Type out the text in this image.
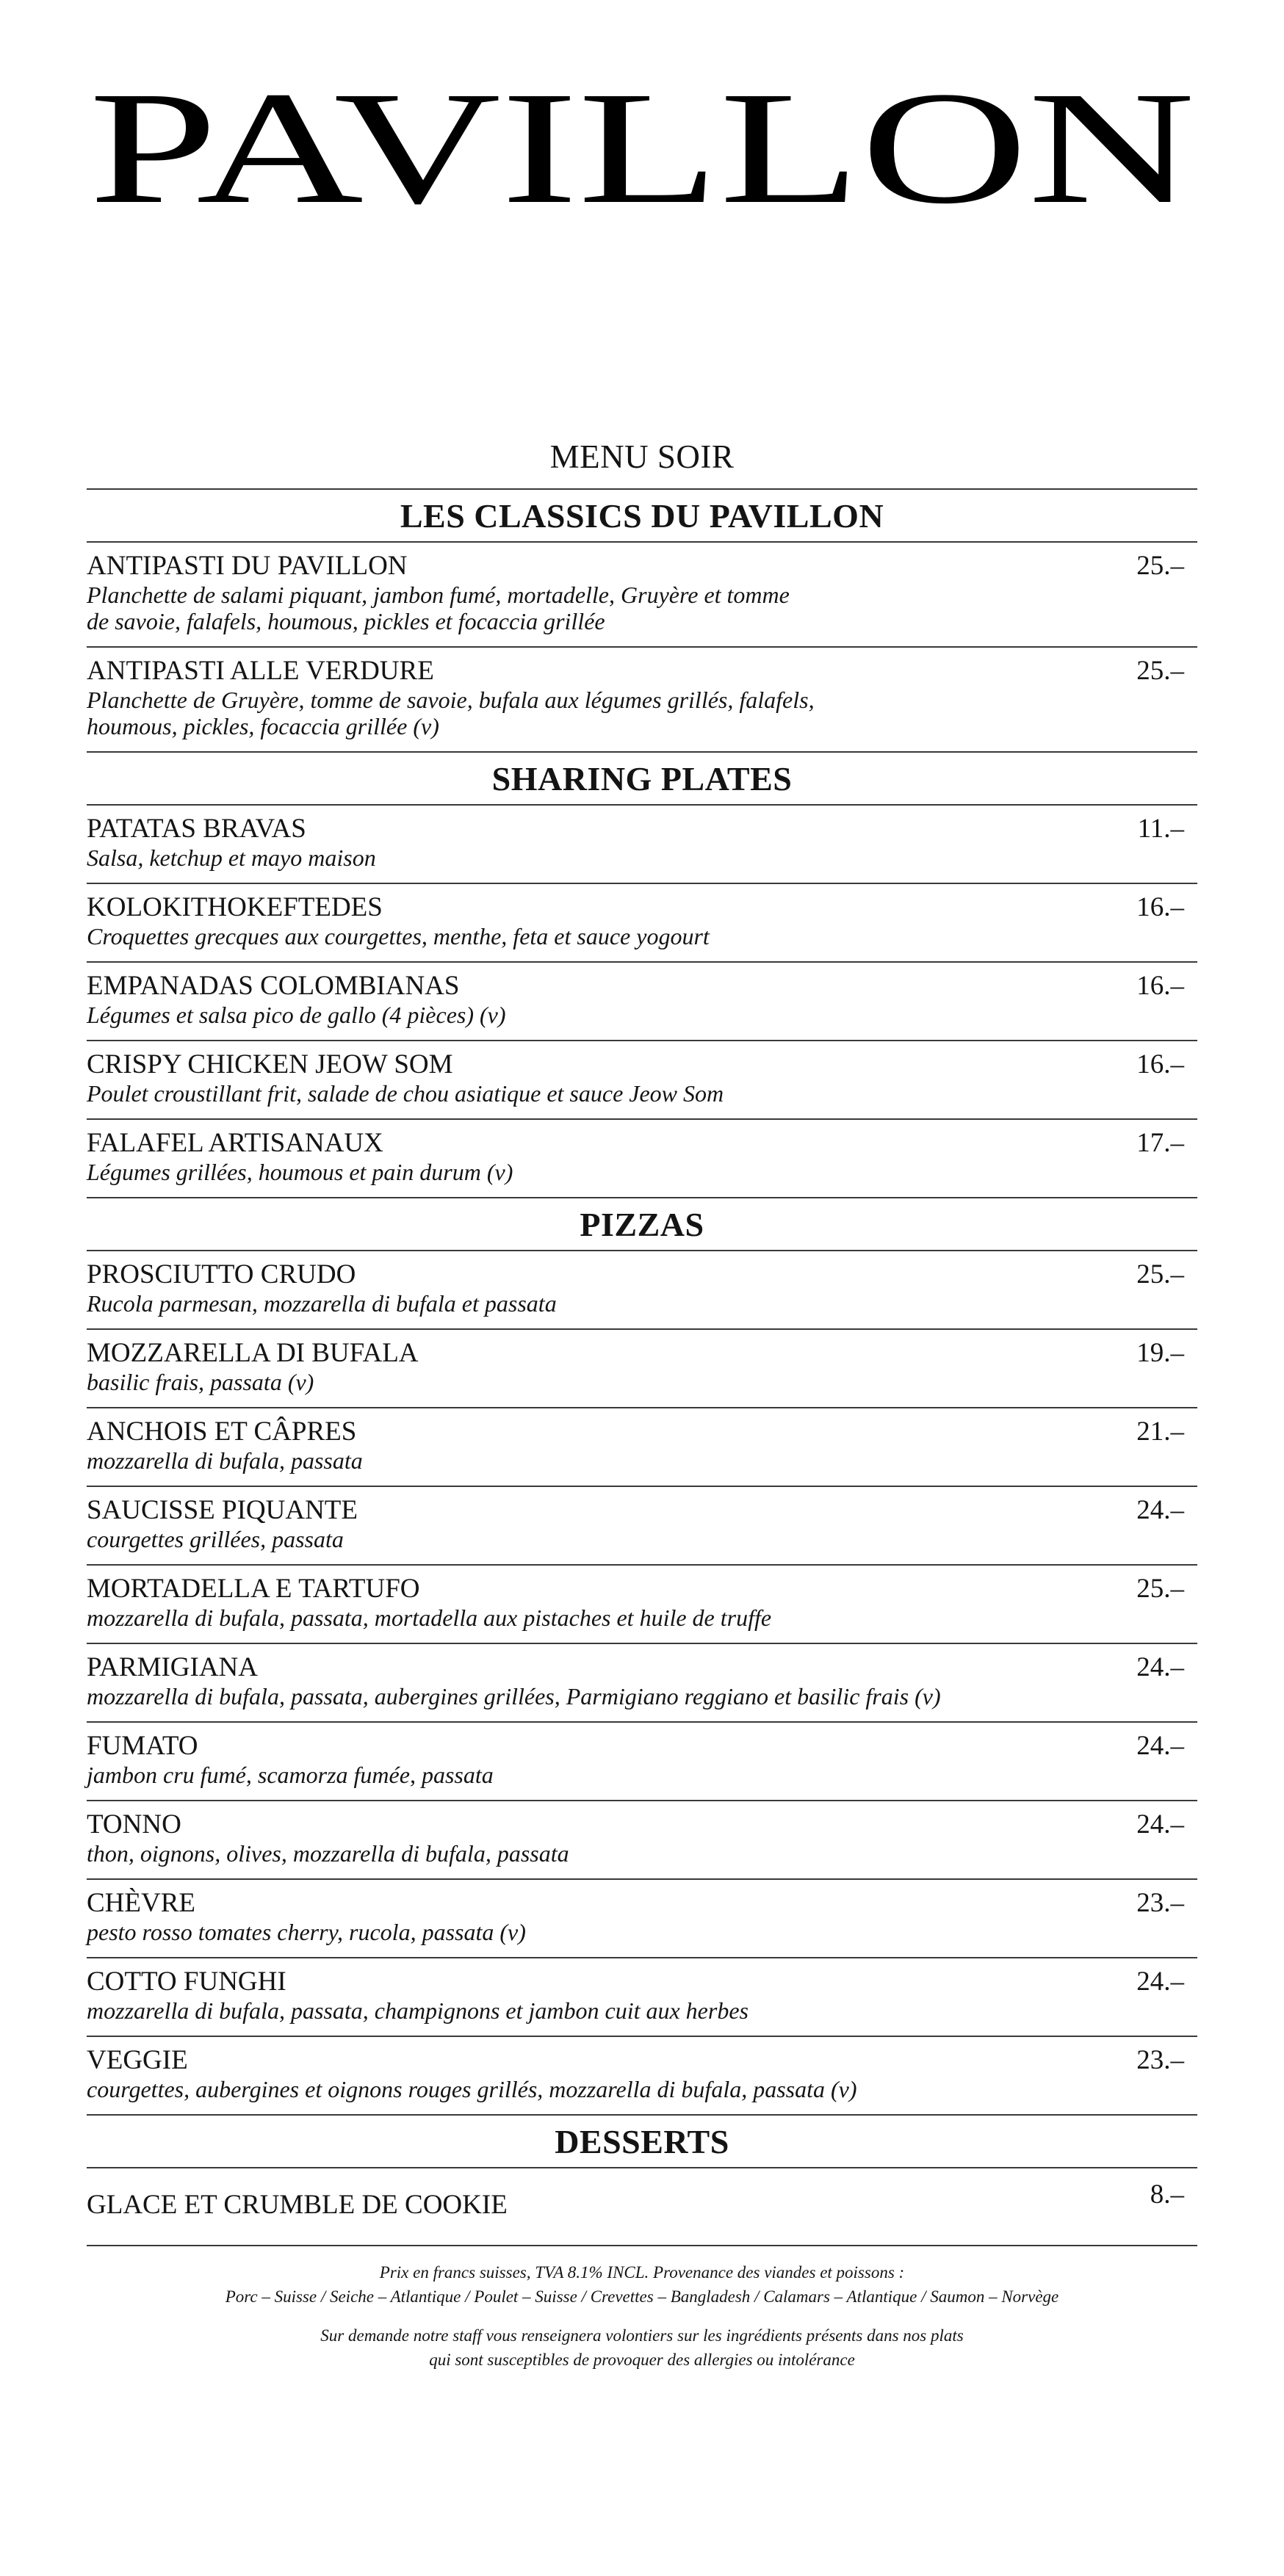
PAVILLON
MENU SOIR
LES CLASSICS DU PAVILLON
ANTIPASTI DU PAVILLON
Planchette de salami piquant, jambon fumé, mortadelle, Gruyère et tomme
de savoie, falafels, houmous, pickles et focaccia grillée
25.–
ANTIPASTI ALLE VERDURE
Planchette de Gruyère, tomme de savoie, bufala aux légumes grillés, falafels,
houmous, pickles, focaccia grillée (v)
25.–
SHARING PLATES
PATATAS BRAVAS
Salsa, ketchup et mayo maison
11.–
KOLOKITHOKEFTEDES
Croquettes grecques aux courgettes, menthe, feta et sauce yogourt
16.–
EMPANADAS COLOMBIANAS
Légumes et salsa pico de gallo (4 pièces) (v)
16.–
CRISPY CHICKEN JEOW SOM
Poulet croustillant frit, salade de chou asiatique et sauce Jeow Som
16.–
FALAFEL ARTISANAUX
Légumes grillées, houmous et pain durum (v)
17.–
PIZZAS
PROSCIUTTO CRUDO
Rucola parmesan, mozzarella di bufala et passata
25.–
MOZZARELLA DI BUFALA
basilic frais, passata (v)
19.–
ANCHOIS ET CÂPRES
mozzarella di bufala, passata
21.–
SAUCISSE PIQUANTE
courgettes grillées, passata
24.–
MORTADELLA E TARTUFO
mozzarella di bufala, passata, mortadella aux pistaches et huile de truffe
25.–
PARMIGIANA
mozzarella di bufala, passata, aubergines grillées, Parmigiano reggiano et basilic frais (v)
24.–
FUMATO
jambon cru fumé, scamorza fumée, passata
24.–
TONNO
thon, oignons, olives, mozzarella di bufala, passata
24.–
CHÈVRE
pesto rosso tomates cherry, rucola, passata (v)
23.–
COTTO FUNGHI
mozzarella di bufala, passata, champignons et jambon cuit aux herbes
24.–
VEGGIE
courgettes, aubergines et oignons rouges grillés, mozzarella di bufala, passata (v)
23.–
DESSERTS
GLACE ET CRUMBLE DE COOKIE	8.–
Prix en francs suisses, TVA 8.1% INCL. Provenance des viandes et poissons :
Porc – Suisse / Seiche – Atlantique / Poulet – Suisse / Crevettes – Bangladesh / Calamars – Atlantique / Saumon – Norvège
Sur demande notre staff vous renseignera volontiers sur les ingrédients présents dans nos plats
qui sont susceptibles de provoquer des allergies ou intolérance
